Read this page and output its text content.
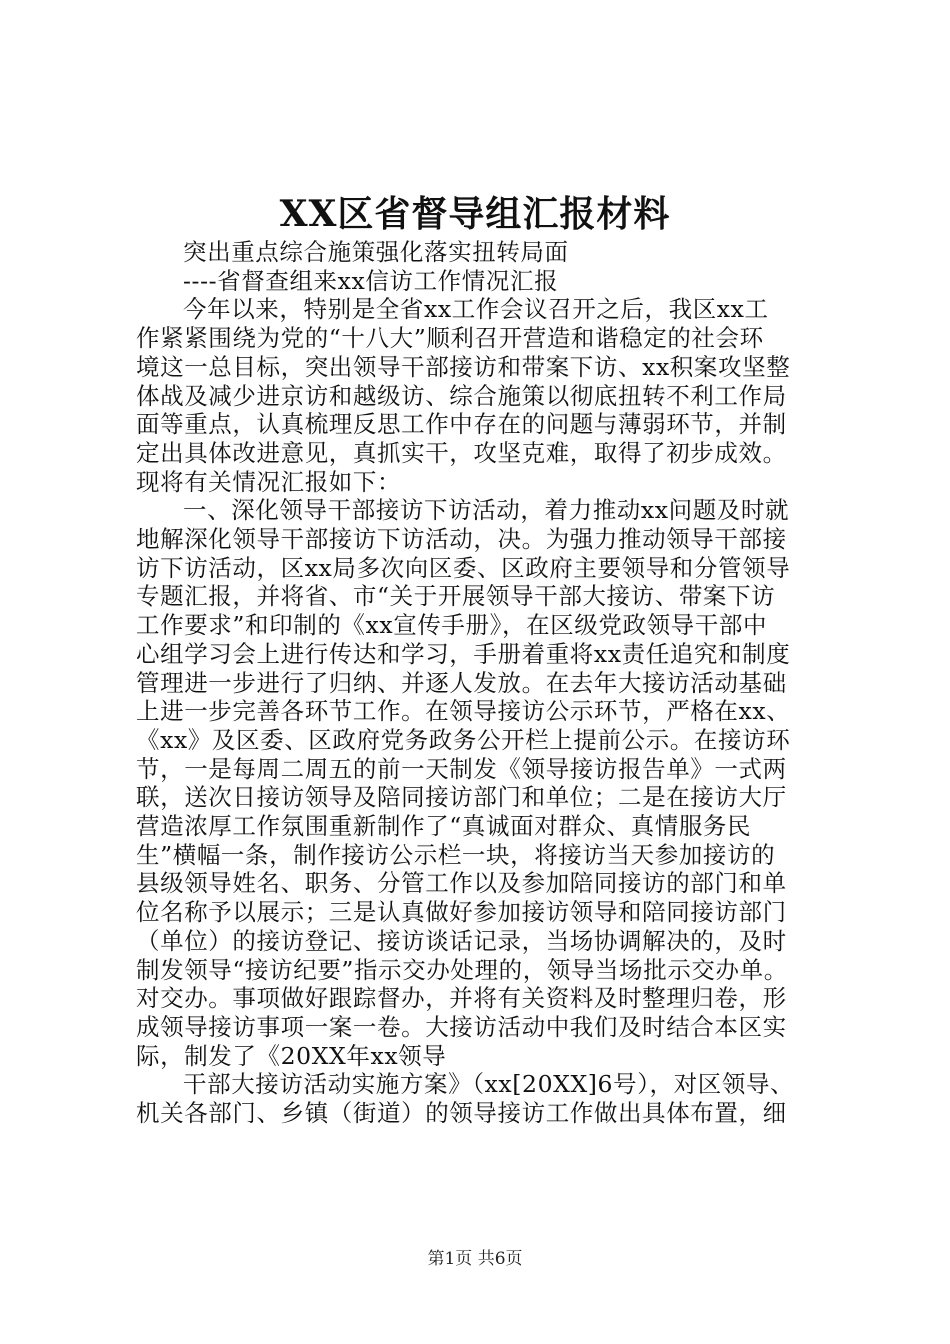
XX区省督导组汇报材料

突出重点综合施策强化落实扭转局面

----省督查组来xx信访工作情况汇报

今年以来，特别是全省xx工作会议召开之后，我区xx工

作紧紧围绕为党的“十八大”顺利召开营造和谐稳定的社会环

境这一总目标，突出领导干部接访和带案下访、xx积案攻坚整

体战及减少进京访和越级访、综合施策以彻底扭转不利工作局

面等重点，认真梳理反思工作中存在的问题与薄弱环节，并制

定出具体改进意见，真抓实干，攻坚克难，取得了初步成效。

现将有关情况汇报如下：

一、深化领导干部接访下访活动，着力推动xx问题及时就

地解深化领导干部接访下访活动，决。为强力推动领导干部接

访下访活动，区xx局多次向区委、区政府主要领导和分管领导

专题汇报，并将省、市“关于开展领导干部大接访、带案下访

工作要求”和印制的《xx宣传手册》，在区级党政领导干部中

心组学习会上进行传达和学习，手册着重将xx责任追究和制度

管理进一步进行了归纳、并逐人发放。在去年大接访活动基础

上进一步完善各环节工作。在领导接访公示环节，严格在xx、

《xx》及区委、区政府党务政务公开栏上提前公示。在接访环

节，一是每周二周五的前一天制发《领导接访报告单》一式两

联，送次日接访领导及陪同接访部门和单位；二是在接访大厅

营造浓厚工作氛围重新制作了“真诚面对群众、真情服务民

生”横幅一条，制作接访公示栏一块，将接访当天参加接访的

县级领导姓名、职务、分管工作以及参加陪同接访的部门和单

位名称予以展示；三是认真做好参加接访领导和陪同接访部门

（单位）的接访登记、接访谈话记录，当场协调解决的，及时

制发领导“接访纪要”指示交办处理的，领导当场批示交办单。

对交办。事项做好跟踪督办，并将有关资料及时整理归卷，形

成领导接访事项一案一卷。大接访活动中我们及时结合本区实

际，制发了《20XX年xx领导

干部大接访活动实施方案》（xx[20XX]6号），对区领导、

机关各部门、乡镇（街道）的领导接访工作做出具体布置，细

第1页 共6页
